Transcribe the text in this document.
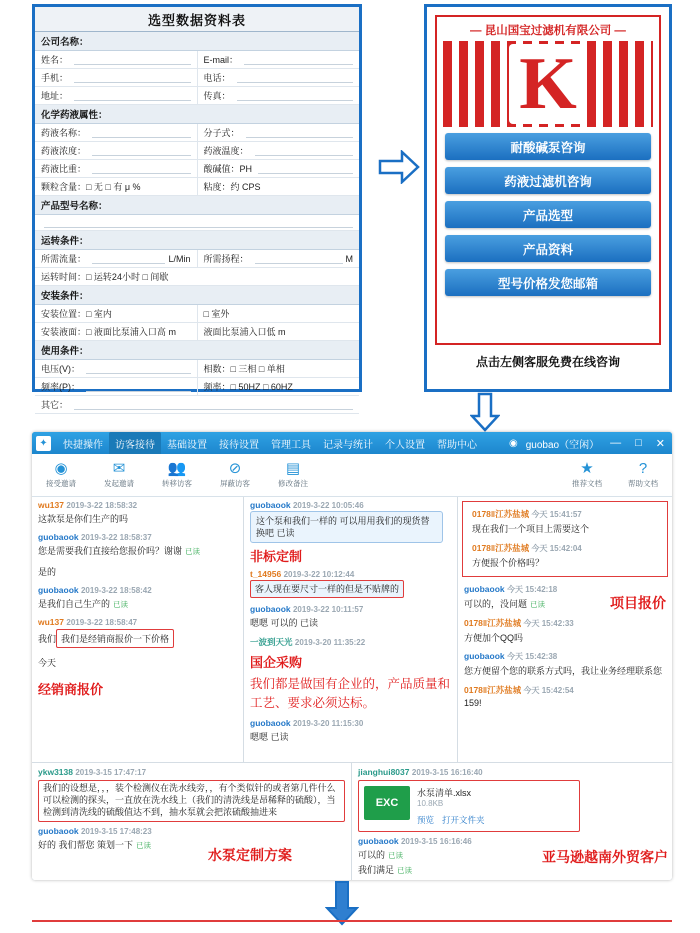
选型数据资料表
公司名称：
姓名：	E-mail：
手机：	电话：
地址：	传真：
化学药液属性：
药液名称：	分子式：
药液浓度：	药液温度：
药液比重：	酸碱值：PH
颗粒含量：□ 无 □ 有 μ %	粘度：约 CPS
产品型号名称：
运转条件：
所需流量：	L/Min 所需扬程：	M
运转时间：□ 运转24小时 □ 间歇
安装条件：
安装位置：□ 室内	□ 室外
安装液面：□ 液面比泵浦入口高 m	液面比泵浦入口低 m
使用条件：
电压(V)：	相数：□ 三相 □ 单相
频率(P)：	频率：□ 50HZ □ 60HZ
其它：
— 昆山国宝过滤机有限公司 —
K
耐酸碱泵咨询
药液过滤机咨询
产品选型
产品资料
型号价格发您邮箱
点击左侧客服免费在线咨询
✦	快捷操作	访客接待	基础设置	接待设置	管理工具	记录与统计	个人设置	帮助中心	◉ guobao（空闲） — □ ✕
◉
接受邀请
✉
发起邀请
👥
转移访客
⊘
屏蔽访客
▤
修改备注
★
推荐文档
?
帮助文档
wu137 2019-3-22 18:58:32
这款泵是你们生产的吗
guobaook 2019-3-22 18:58:37
您是需要我们直接给您报价吗？谢谢 已读
是的
guobaook 2019-3-22 18:58:42
是我们自己生产的 已读
wu137 2019-3-22 18:58:47
我们 我们是经销商报价一下价格
今天
经销商报价
guobaook 2019-3-22 10:05:46
这个泵和我们一样的 可以用用我们的现货替换吧 已读
非标定制
t_14956 2019-3-22 10:12:44
客人现在要尺寸一样的但是不贴牌的
guobaook 2019-3-22 10:11:57
嗯嗯 可以的 已读
一波到天光 2019-3-20 11:35:22
国企采购
我们都是做国有企业的，产品质量和工艺、要求必须达标。
guobaook 2019-3-20 11:15:30
嗯嗯 已读
0178‖江苏盐城 今天 15:41:57
现在我们一个项目上需要这个
0178‖江苏盐城 今天 15:42:04
方便报个价格吗？
guobaook 今天 15:42:18
可以的，没问题 已读
0178‖江苏盐城 今天 15:42:33
方便加个QQ吗
项目报价
guobaook 今天 15:42:38
您方便留个您的联系方式吗，我让业务经理联系您
0178‖江苏盐城 今天 15:42:54
159!
ykw3138 2019-3-15 17:47:17
我们的设想是，，，装个检测仪在洗水线旁，，有个类似针的或者第几件什么可以检测的探头，一直放在洗水线上（我们的清洗线是昂稀释的硫酸），当检测到清洗线的硫酸值达不到，抽水泵就会把浓硫酸抽进来
guobaook 2019-3-15 17:48:23
好的 我们帮您 策划一下 已读
水泵定制方案
jianghui8037 2019-3-15 16:16:40
EXC
水泵清单.xlsx
10.8KB
预览 打开文件夹
guobaook 2019-3-15 16:16:46
可以的 已读
我们满足 已读
亚马逊越南外贸客户
